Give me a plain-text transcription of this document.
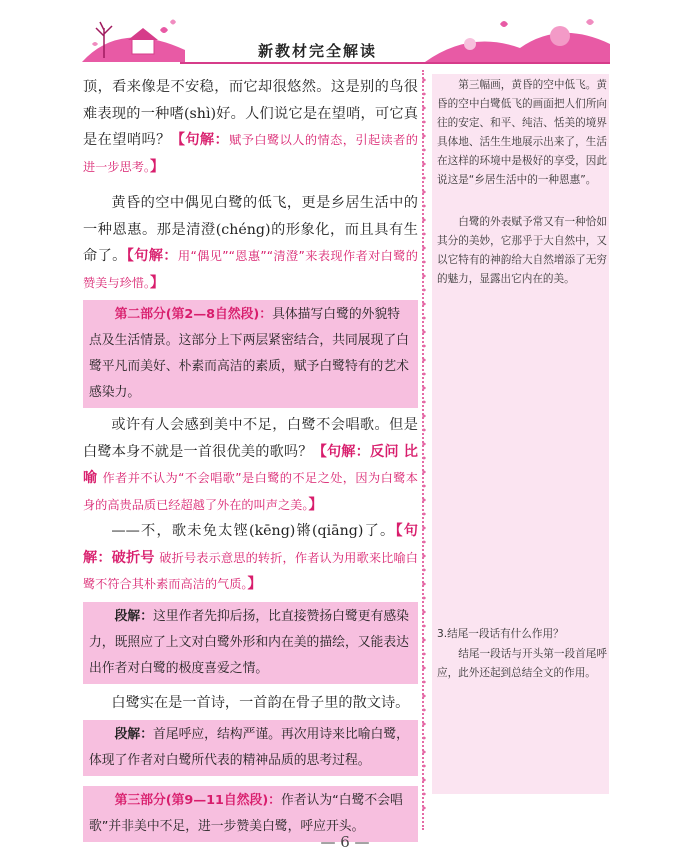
新教材完全解读

顶，看来像是不安稳，而它却很悠然。这是别的鸟很难表现的一种嗜(shì)好。人们说它是在望哨，可它真是在望哨吗？【句解：赋予白鹭以人的情态，引起读者的进一步思考。】

黄昏的空中偶见白鹭的低飞，更是乡居生活中的一种恩惠。那是清澄(chéng)的形象化，而且具有生命了。【句解：用“偶见”“恩惠”“清澄”来表现作者对白鹭的赞美与珍惜。】

第二部分(第2—8自然段)：具体描写白鹭的外貌特点及生活情景。这部分上下两层紧密结合，共同展现了白鹭平凡而美好、朴素而高洁的素质，赋予白鹭特有的艺术感染力。

或许有人会感到美中不足，白鹭不会唱歌。但是白鹭本身不就是一首很优美的歌吗？【句解：反问 比喻 作者并不认为“不会唱歌”是白鹭的不足之处，因为白鹭本身的高贵品质已经超越了外在的叫声之美。】

——不，歌未免太铿(kēng)锵(qiāng)了。【句解：破折号 破折号表示意思的转折，作者认为用歌来比喻白鹭不符合其朴素而高洁的气质。】

段解：这里作者先抑后扬，比直接赞扬白鹭更有感染力，既照应了上文对白鹭外形和内在美的描绘，又能表达出作者对白鹭的极度喜爱之情。

白鹭实在是一首诗，一首韵在骨子里的散文诗。

段解：首尾呼应，结构严谨。再次用诗来比喻白鹭，体现了作者对白鹭所代表的精神品质的思考过程。
第三部分(第9—11自然段)：作者认为“白鹭不会唱歌”并非美中不足，进一步赞美白鹭，呼应开头。

第三幅画，黄昏的空中低飞。黄昏的空中白鹭低飞的画面把人们所向往的安定、和平、纯洁、恬美的境界具体地、活生生地展示出来了，生活在这样的环境中是极好的享受，因此说这是“乡居生活中的一种恩惠”。

白鹭的外表赋予常又有一种恰如其分的美妙，它那乎于大自然中，又以它特有的神韵给大自然增添了无穷的魅力，显露出它内在的美。

3.结尾一段话有什么作用？

结尾一段话与开头第一段首尾呼应，此外还起到总结全文的作用。

— 6 —
